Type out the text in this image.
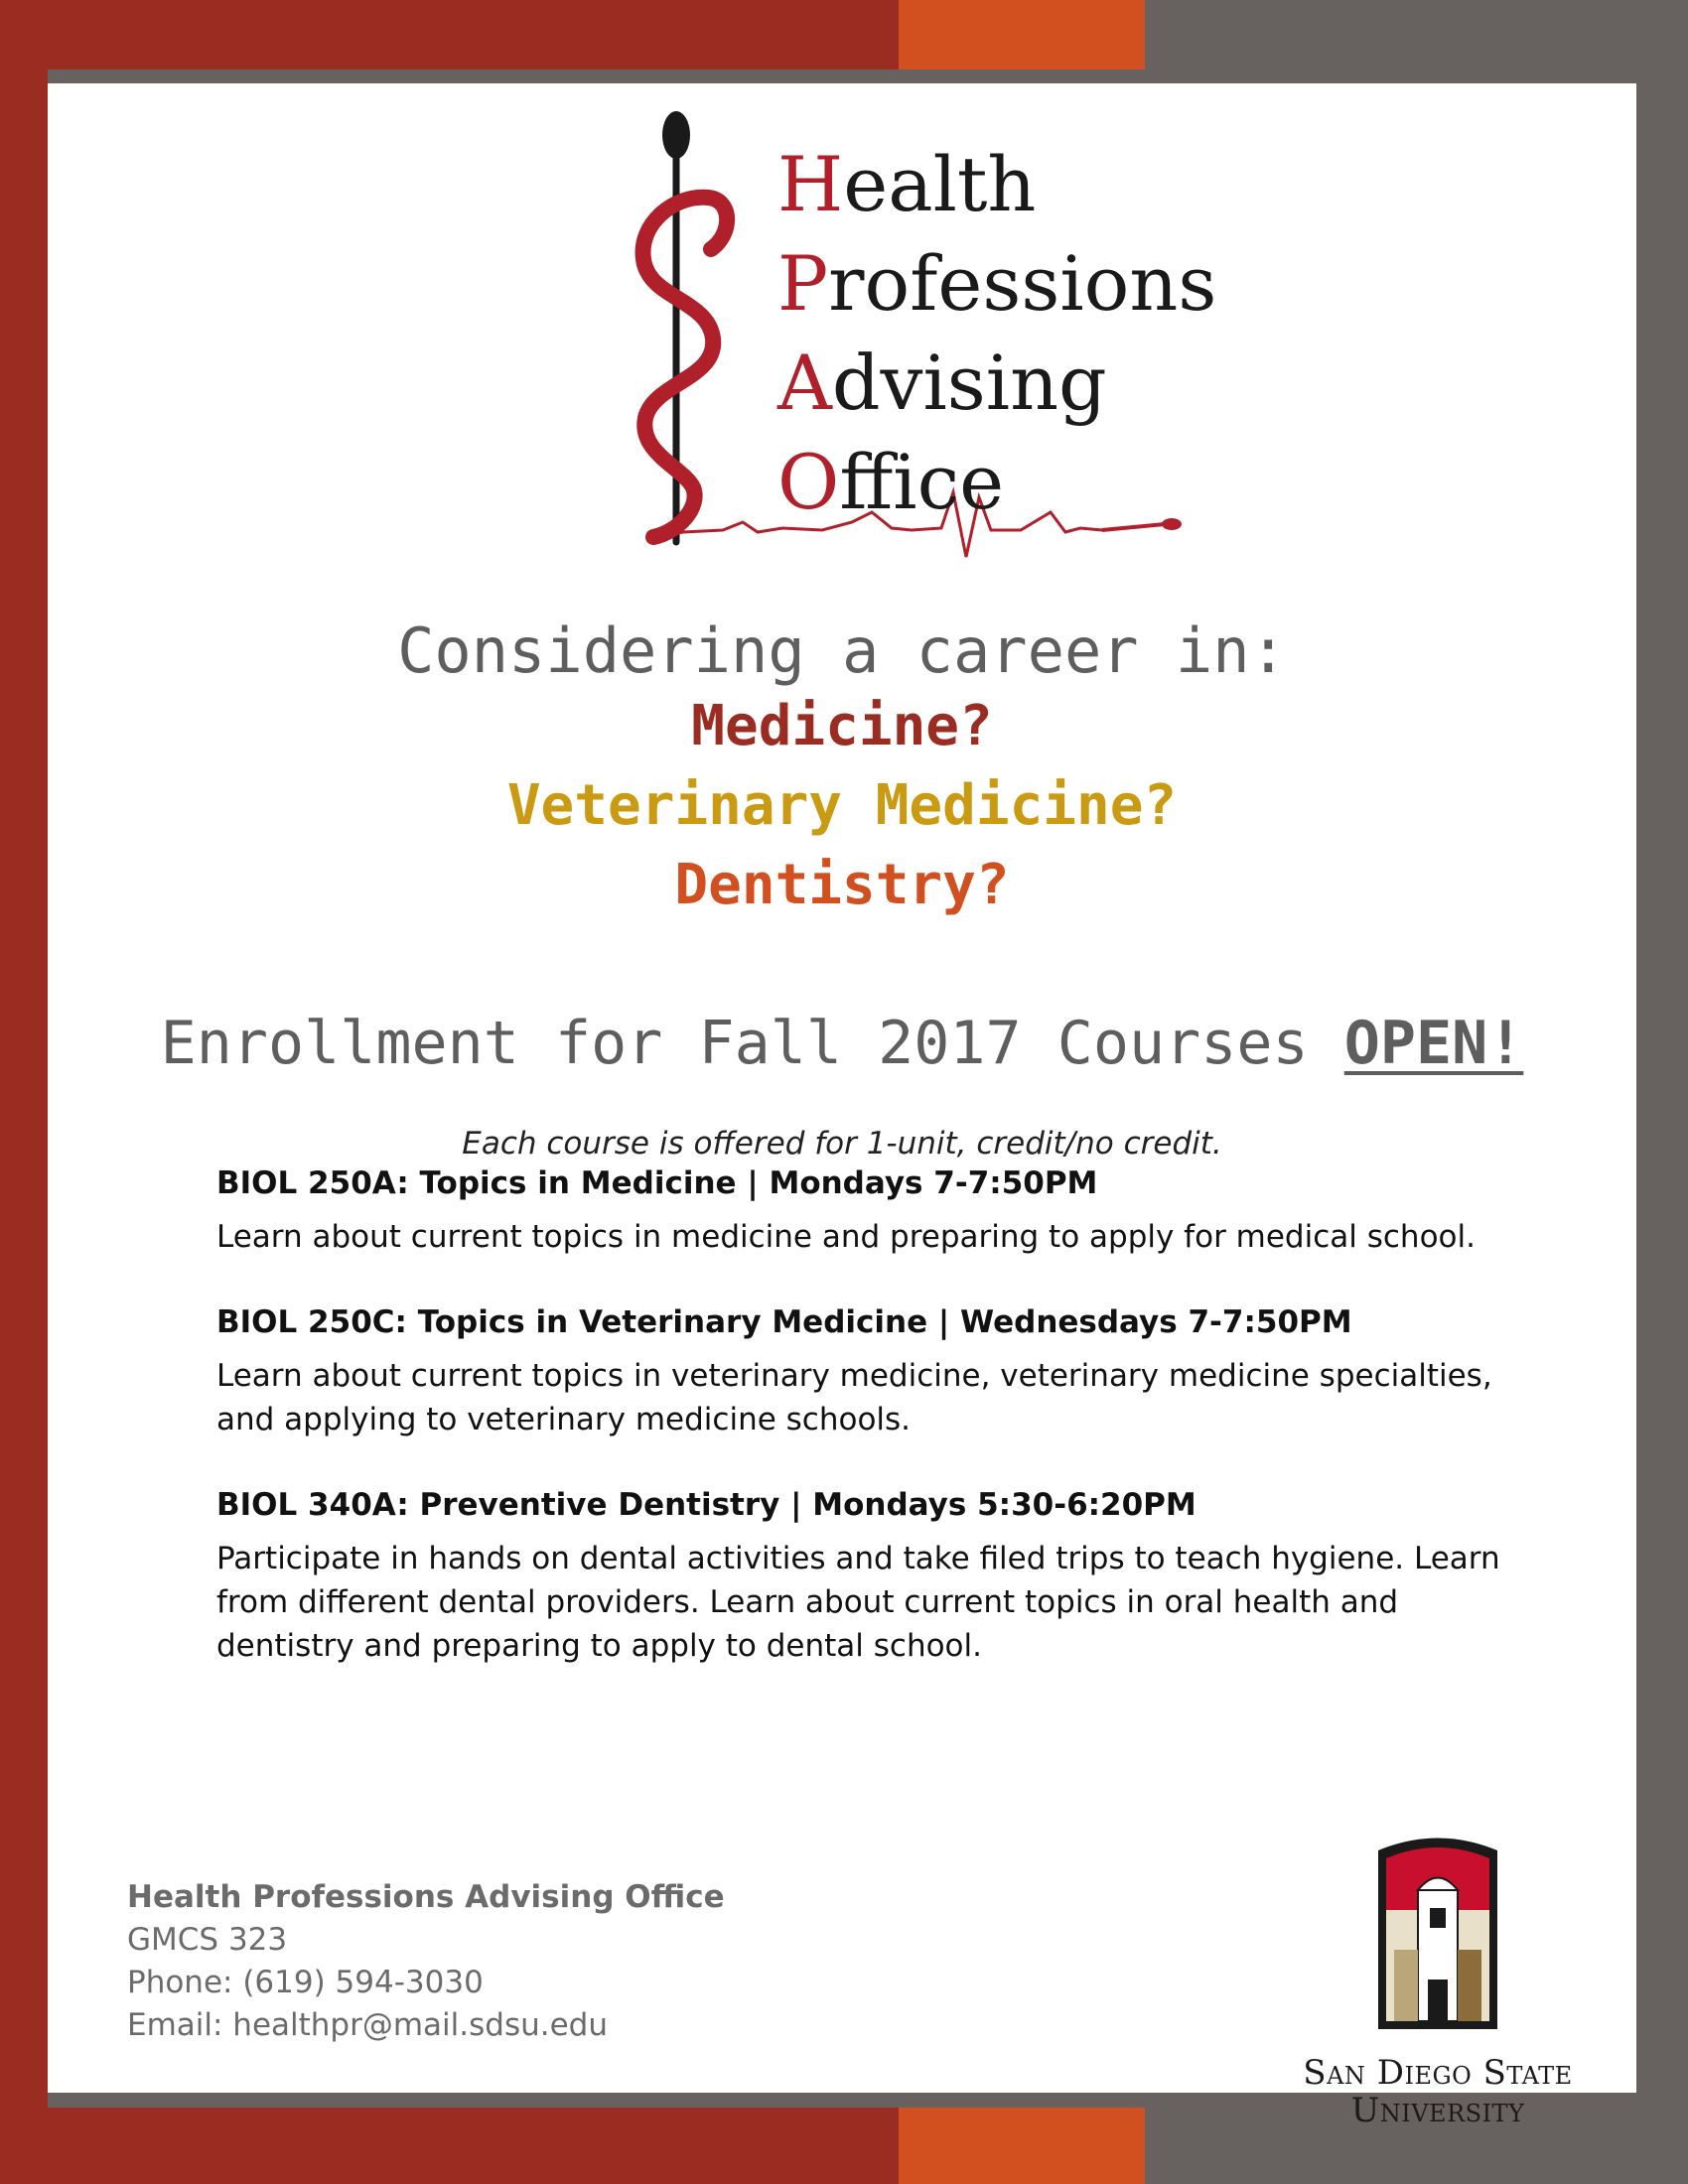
Health
Professions
Advising
Office
Considering a career in:
Medicine?
Veterinary Medicine?
Dentistry?
Enrollment for Fall 2017 Courses OPEN!
Each course is offered for 1-unit, credit/no credit.

BIOL 250A: Topics in Medicine | Mondays 7-7:50PM

Learn about current topics in medicine and preparing to apply for medical school.

BIOL 250C: Topics in Veterinary Medicine | Wednesdays 7-7:50PM

Learn about current topics in veterinary medicine, veterinary medicine specialties, and applying to veterinary medicine schools.

BIOL 340A: Preventive Dentistry | Mondays 5:30-6:20PM

Participate in hands on dental activities and take filed trips to teach hygiene. Learn from different dental providers. Learn about current topics in oral health and dentistry and preparing to apply to dental school.

Health Professions Advising Office
GMCS 323
Phone: (619) 594-3030
Email: healthpr@mail.sdsu.edu
San Diego State
University
